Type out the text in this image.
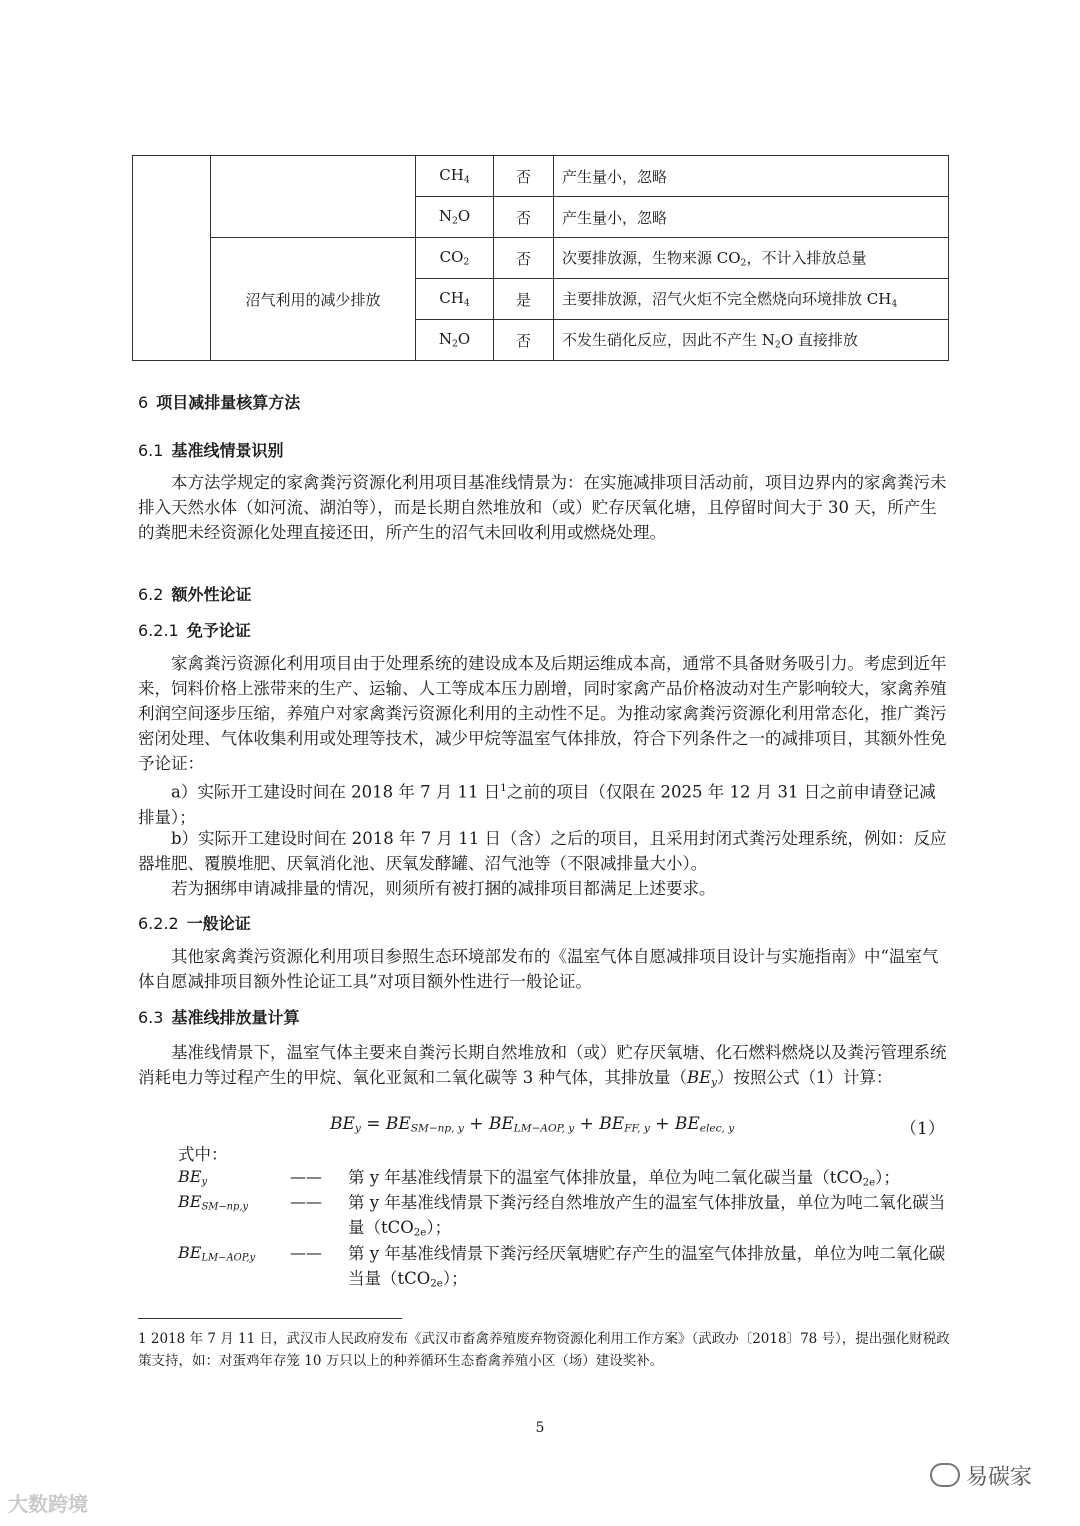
		$CH_4$	否	产生量小，忽略
		$N_2O$	否	产生量小，忽略
	沼气利用的减少排放	$CO_2$	否	次要排放源，生物来源 $CO_2$，不计入排放总量
		$CH_4$	是	主要排放源，沼气火炬不完全燃烧向环境排放 $CH_4$
		$N_2O$	否	不发生硝化反应，因此不产生 $N_2O$ 直接排放
6 项目减排量核算方法
6.1 基准线情景识别
本方法学规定的家禽粪污资源化利用项目基准线情景为：在实施减排项目活动前，项目边界内的家禽粪污未排入天然水体（如河流、湖泊等），而是长期自然堆放和（或）贮存厌氧化塘，且停留时间大于 30 天，所产生的粪肥未经资源化处理直接还田，所产生的沼气未回收利用或燃烧处理。
6.2 额外性论证
6.2.1 免予论证
家禽粪污资源化利用项目由于处理系统的建设成本及后期运维成本高，通常不具备财务吸引力。考虑到近年来，饲料价格上涨带来的生产、运输、人工等成本压力剧增，同时家禽产品价格波动对生产影响较大，家禽养殖利润空间逐步压缩，养殖户对家禽粪污资源化利用的主动性不足。为推动家禽粪污资源化利用常态化，推广粪污密闭处理、气体收集利用或处理等技术，减少甲烷等温室气体排放，符合下列条件之一的减排项目，其额外性免予论证：
a）实际开工建设时间在 2018 年 7 月 11 日$^1$之前的项目（仅限在 2025 年 12 月 31 日之前申请登记减排量）；
b）实际开工建设时间在 2018 年 7 月 11 日（含）之后的项目，且采用封闭式粪污处理系统，例如：反应器堆肥、覆膜堆肥、厌氧消化池、厌氧发酵罐、沼气池等（不限减排量大小）。
若为捆绑申请减排量的情况，则须所有被打捆的减排项目都满足上述要求。
6.2.2 一般论证
其他家禽粪污资源化利用项目参照生态环境部发布的《温室气体自愿减排项目设计与实施指南》中“温室气体自愿减排项目额外性论证工具”对项目额外性进行一般论证。
6.3 基准线排放量计算
基准线情景下，温室气体主要来自粪污长期自然堆放和（或）贮存厌氧塘、化石燃料燃烧以及粪污管理系统消耗电力等过程产生的甲烷、氧化亚氮和二氧化碳等 3 种气体，其排放量$(BE_y)$按照公式（1）计算：
$BE_y = BE_{SM-np, y} + BE_{LM-AOP, y} + BE_{FF, y} + BE_{elec, y}$	（1）
式中：
$BE_y$	—— 第 y 年基准线情景下的温室气体排放量，单位为吨二氧化碳当量（tCO$_{2e}$）；
$BE_{SM-np,y}$	—— 第 y 年基准线情景下粪污经自然堆放产生的温室气体排放量，单位为吨二氧化碳当量（tCO$_{2e}$）；
$BE_{LM-AOP,y}$ —— 第 y 年基准线情景下粪污经厌氧塘贮存产生的温室气体排放量，单位为吨二氧化碳当量（tCO$_{2e}$）；
1 2018 年 7 月 11 日，武汉市人民政府发布《武汉市畜禽养殖废弃物资源化利用工作方案》（武政办〔2018〕78 号），提出强化财税政策支持，如：对蛋鸡年存笼 10 万只以上的种养循环生态畜禽养殖小区（场）建设奖补。
5
大数跨境
易碳家
